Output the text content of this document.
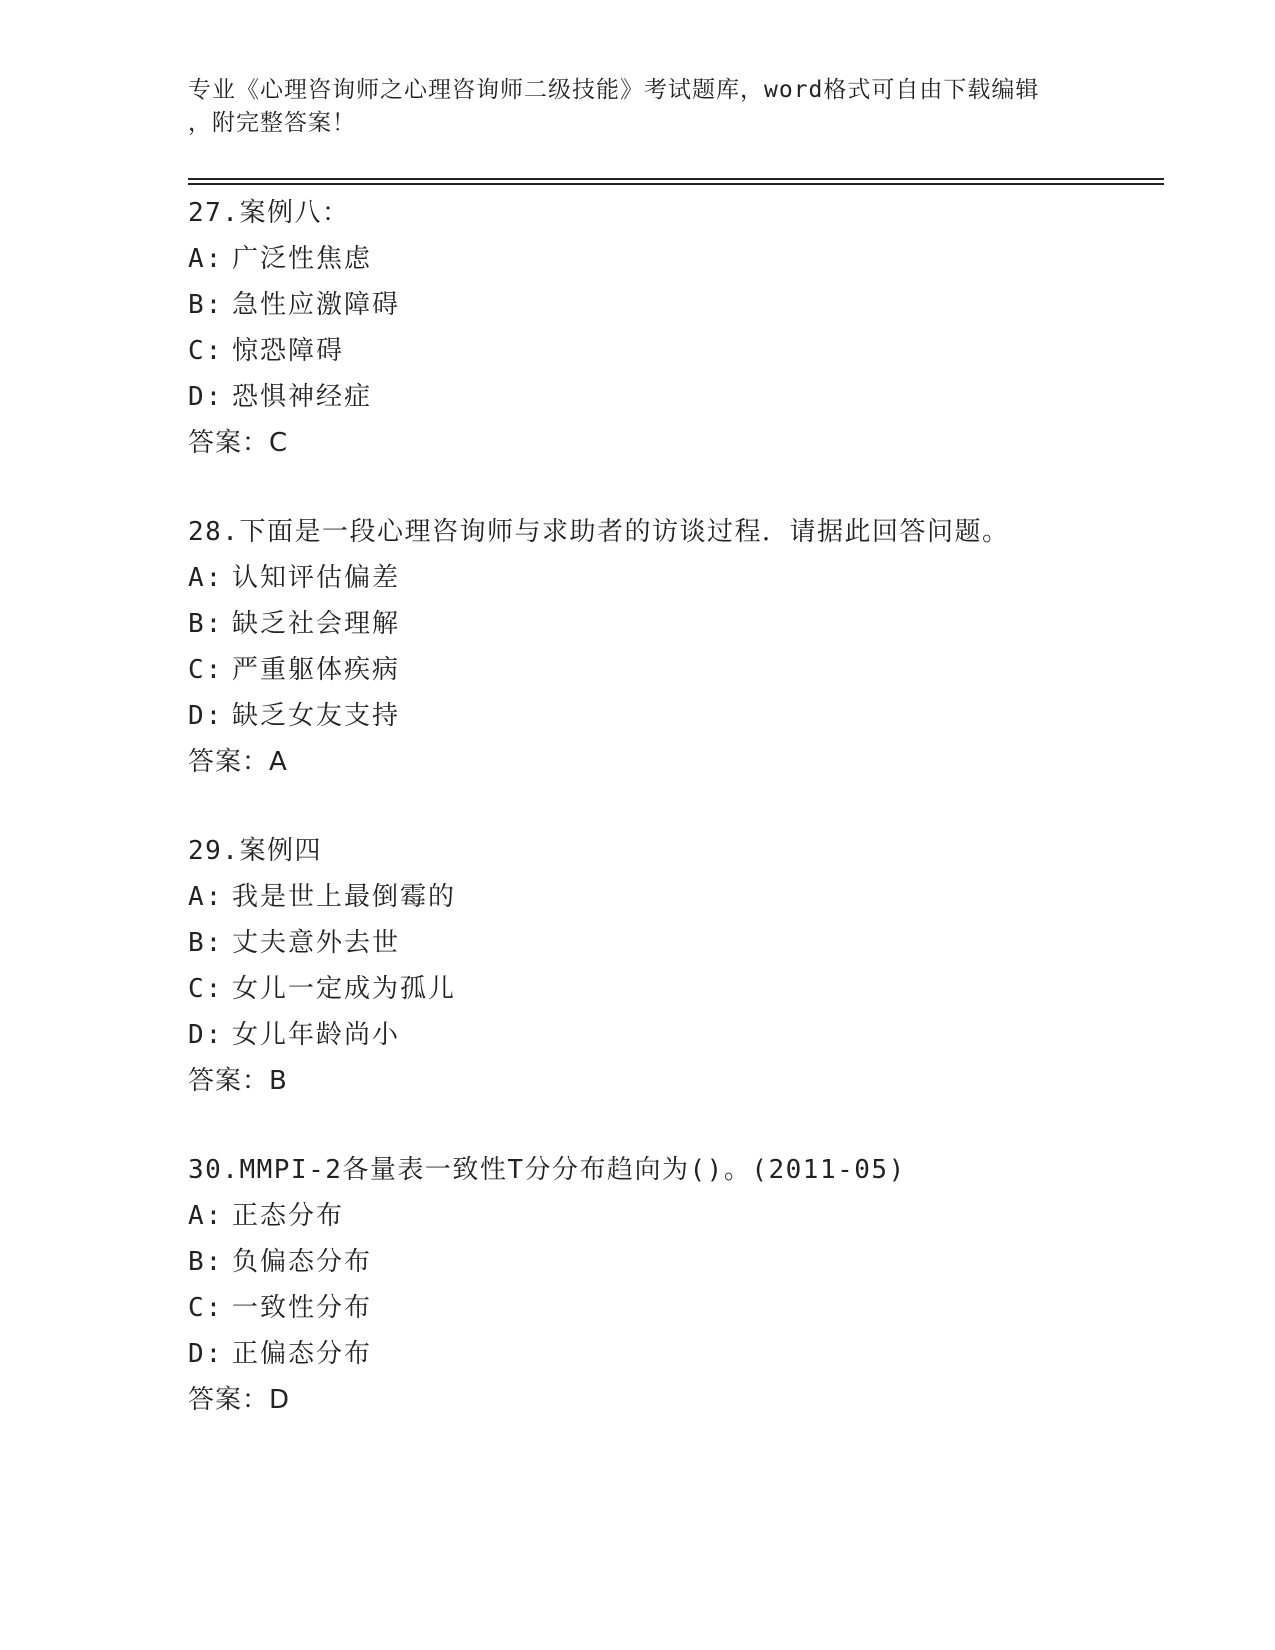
专业《心理咨询师之心理咨询师二级技能》考试题库，word格式可自由下载编辑
，附完整答案！
27.案例八：
A: 广泛性焦虑
B: 急性应激障碍
C: 惊恐障碍
D: 恐惧神经症
答案：C
28.下面是一段心理咨询师与求助者的访谈过程．请据此回答问题。
A: 认知评估偏差
B: 缺乏社会理解
C: 严重躯体疾病
D: 缺乏女友支持
答案：A
29.案例四
A: 我是世上最倒霉的
B: 丈夫意外去世
C: 女儿一定成为孤儿
D: 女儿年龄尚小
答案：B
30.MMPI-2各量表一致性T分分布趋向为()。(2011-05)
A: 正态分布
B: 负偏态分布
C: 一致性分布
D: 正偏态分布
答案：D
